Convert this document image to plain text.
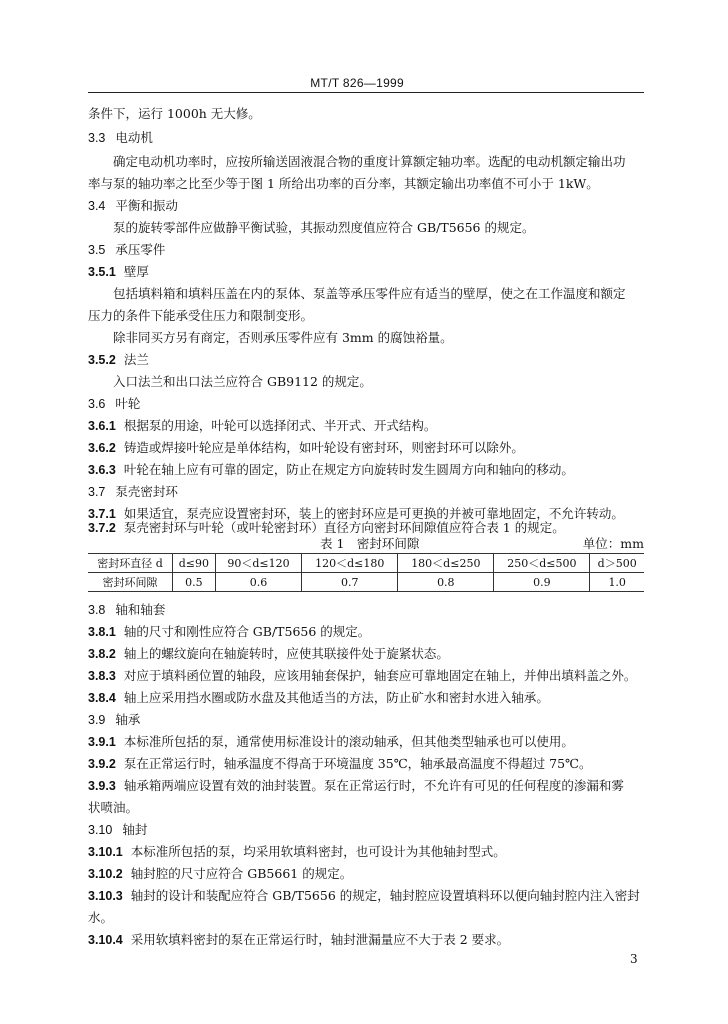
MT/T 826—1999
条件下，运行 1000h 无大修。
3.3 电动机
确定电动机功率时，应按所输送固液混合物的重度计算额定轴功率。选配的电动机额定输出功
率与泵的轴功率之比至少等于图 1 所给出功率的百分率，其额定输出功率值不可小于 1kW。
3.4 平衡和振动
泵的旋转零部件应做静平衡试验，其振动烈度值应符合 GB/T5656 的规定。
3.5 承压零件
3.5.1 壁厚
包括填料箱和填料压盖在内的泵体、泵盖等承压零件应有适当的壁厚，使之在工作温度和额定
压力的条件下能承受住压力和限制变形。
除非同买方另有商定，否则承压零件应有 3mm 的腐蚀裕量。
3.5.2 法兰
入口法兰和出口法兰应符合 GB9112 的规定。
3.6 叶轮
3.6.1 根据泵的用途，叶轮可以选择闭式、半开式、开式结构。
3.6.2 铸造或焊接叶轮应是单体结构，如叶轮设有密封环，则密封环可以除外。
3.6.3 叶轮在轴上应有可靠的固定，防止在规定方向旋转时发生圆周方向和轴向的移动。
3.7 泵壳密封环
3.7.1 如果适宜，泵壳应设置密封环，装上的密封环应是可更换的并被可靠地固定，不允许转动。
3.7.2 泵壳密封环与叶轮（或叶轮密封环）直径方向密封环间隙值应符合表 1 的规定。
表 1　密封环间隙	单位：mm
密封环直径 d	d≤90	90＜d≤120	120＜d≤180	180＜d≤250	250＜d≤500	d＞500
密封环间隙	0.5	0.6	0.7	0.8	0.9	1.0
3.8 轴和轴套
3.8.1 轴的尺寸和刚性应符合 GB/T5656 的规定。
3.8.2 轴上的螺纹旋向在轴旋转时，应使其联接件处于旋紧状态。
3.8.3 对应于填料函位置的轴段，应该用轴套保护，轴套应可靠地固定在轴上，并伸出填料盖之外。
3.8.4 轴上应采用挡水圈或防水盘及其他适当的方法，防止矿水和密封水进入轴承。
3.9 轴承
3.9.1 本标准所包括的泵，通常使用标准设计的滚动轴承，但其他类型轴承也可以使用。
3.9.2 泵在正常运行时，轴承温度不得高于环境温度 35℃，轴承最高温度不得超过 75℃。
3.9.3 轴承箱两端应设置有效的油封装置。泵在正常运行时，不允许有可见的任何程度的渗漏和雾
状喷油。
3.10 轴封
3.10.1 本标准所包括的泵，均采用软填料密封，也可设计为其他轴封型式。
3.10.2 轴封腔的尺寸应符合 GB5661 的规定。
3.10.3 轴封的设计和装配应符合 GB/T5656 的规定，轴封腔应设置填料环以便向轴封腔内注入密封
水。
3.10.4 采用软填料密封的泵在正常运行时，轴封泄漏量应不大于表 2 要求。
3
